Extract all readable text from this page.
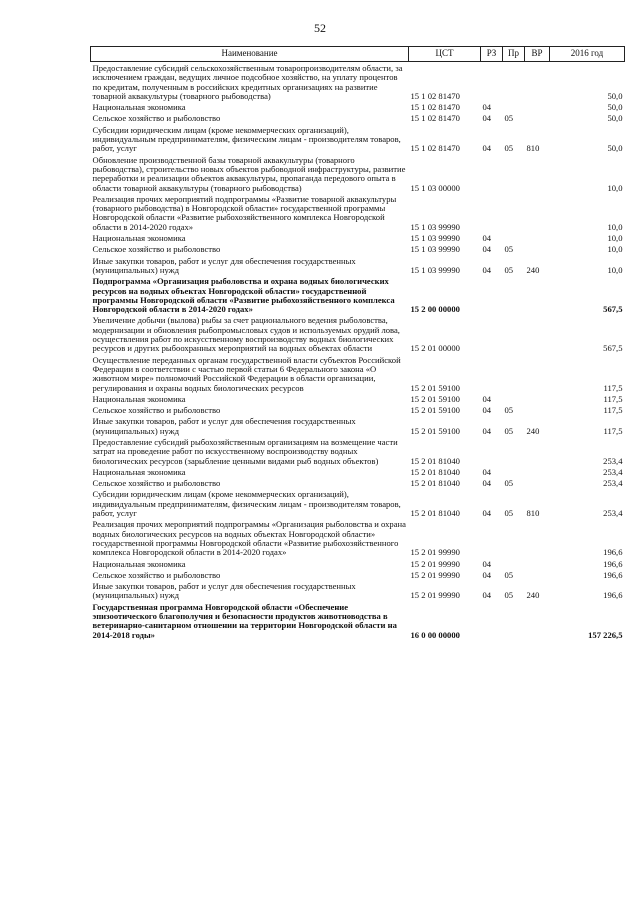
52
Наименование	ЦСТ	РЗ	Пр	ВР	2016 год
Предоставление субсидий сельскохозяйственным товаропроизводителям области, за исключением граждан, ведущих личное подсобное хозяйство, на уплату процентов по кредитам, полученным в российских кредитных организациях на развитие товарной аквакультуры (товарного рыбоводства)	15 1 02 81470				50,0
Национальная экономика	15 1 02 81470	04			50,0
Сельское хозяйство и рыболовство	15 1 02 81470	04	05		50,0
Субсидии юридическим лицам (кроме некоммерческих организаций), индивидуальным предпринимателям, физическим лицам - производителям товаров, работ, услуг	15 1 02 81470	04	05	810	50,0
Обновление производственной базы товарной аквакультуры (товарного рыбоводства), строительство новых объектов рыбоводной инфраструктуры, развитие переработки и реализации объектов аквакультуры, пропаганда передового опыта в области товарной аквакультуры (товарного рыбоводства)	15 1 03 00000				10,0
Реализация прочих мероприятий подпрограммы «Развитие товарной аквакультуры (товарного рыбоводства) в Новгородской области» государственной программы Новгородской области «Развитие рыбохозяйственного комплекса Новгородской области в 2014-2020 годах»	15 1 03 99990				10,0
Национальная экономика	15 1 03 99990	04			10,0
Сельское хозяйство и рыболовство	15 1 03 99990	04	05		10,0
Иные закупки товаров, работ и услуг для обеспечения государственных (муниципальных) нужд	15 1 03 99990	04	05	240	10,0
Подпрограмма «Организация рыболовства и охрана водных биологических ресурсов на водных объектах Новгородской области» государственной программы Новгородской области «Развитие рыбохозяйственного комплекса Новгородской области в 2014-2020 годах»	15 2 00 00000				567,5
Увеличение добычи (вылова) рыбы за счет рационального ведения рыболовства, модернизации и обновления рыбопромысловых судов и используемых орудий лова, осуществления работ по искусственному воспроизводству водных биологических ресурсов и других рыбоохранных мероприятий на водных объектах области	15 2 01 00000				567,5
Осуществление переданных органам государственной власти субъектов Российской Федерации в соответствии с частью первой статьи 6 Федерального закона «О животном мире» полномочий Российской Федерации в области организации, регулирования и охраны водных биологических ресурсов	15 2 01 59100				117,5
Национальная экономика	15 2 01 59100	04			117,5
Сельское хозяйство и рыболовство	15 2 01 59100	04	05		117,5
Иные закупки товаров, работ и услуг для обеспечения государственных (муниципальных) нужд	15 2 01 59100	04	05	240	117,5
Предоставление субсидий рыбохозяйственным организациям на возмещение части затрат на проведение работ по искусственному воспроизводству водных биологических ресурсов (зарыбление ценными видами рыб водных объектов)	15 2 01 81040				253,4
Национальная экономика	15 2 01 81040	04			253,4
Сельское хозяйство и рыболовство	15 2 01 81040	04	05		253,4
Субсидии юридическим лицам (кроме некоммерческих организаций), индивидуальным предпринимателям, физическим лицам - производителям товаров, работ, услуг	15 2 01 81040	04	05	810	253,4
Реализация прочих мероприятий подпрограммы «Организация рыболовства и охрана водных биологических ресурсов на водных объектах Новгородской области» государственной программы Новгородской области «Развитие рыбохозяйственного комплекса Новгородской области в 2014-2020 годах»	15 2 01 99990				196,6
Национальная экономика	15 2 01 99990	04			196,6
Сельское хозяйство и рыболовство	15 2 01 99990	04	05		196,6
Иные закупки товаров, работ и услуг для обеспечения государственных (муниципальных) нужд	15 2 01 99990	04	05	240	196,6
Государственная программа Новгородской области «Обеспечение эпизоотического благополучия и безопасности продуктов животноводства в ветеринарно-санитарном отношении на территории Новгородской области на 2014-2018 годы»	16 0 00 00000				157 226,5
